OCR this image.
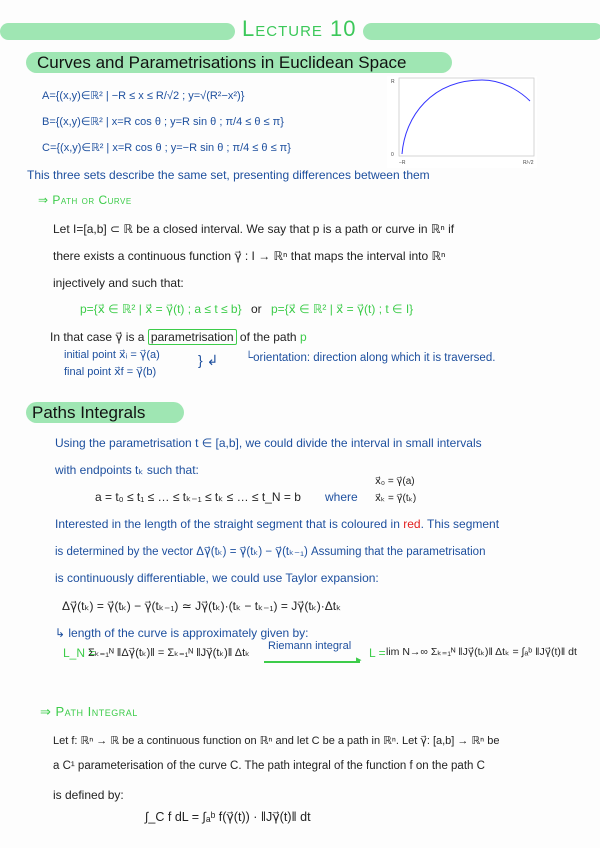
Lecture 10
Curves and Parametrisations in Euclidean Space
A={(x,y)∈ℝ² | −R ≤ x ≤ R/√2 ; y=√(R²−x²)}
B={(x,y)∈ℝ² | x=R cos θ ; y=R sin θ ; π/4 ≤ θ ≤ π}
C={(x,y)∈ℝ² | x=R cos θ ; y=−R sin θ ; π/4 ≤ θ ≤ π}
R
0
−R	R/√2
This three sets describe the same set, presenting differences between them
⇒ Path or Curve
Let I=[a,b] ⊂ ℝ be a closed interval. We say that p is a path or curve in ℝⁿ if
there exists a continuous function γ⃗ : I → ℝⁿ that maps the interval into ℝⁿ
injectively and such that:
p={x⃗ ∈ ℝ² | x⃗ = γ⃗(t) ; a ≤ t ≤ b} or p={x⃗ ∈ ℝ² | x⃗ = γ⃗(t) ; t ∈ I}
In that case γ⃗ is a parametrisation of the path p
initial point x⃗ᵢ = γ⃗(a)
final point x⃗f = γ⃗(b)
} ↲ └orientation: direction along which it is traversed.
Paths Integrals
Using the parametrisation t ∈ [a,b], we could divide the interval in small intervals
with endpoints tₖ such that:
a = t₀ ≤ t₁ ≤ … ≤ tₖ₋₁ ≤ tₖ ≤ … ≤ t_N = b where
x⃗₀ = γ⃗(a)
x⃗ₖ = γ⃗(tₖ)
Interested in the length of the straight segment that is coloured in red. This segment
is determined by the vector Δγ⃗(tₖ) = γ⃗(tₖ) − γ⃗(tₖ₋₁) Assuming that the parametrisation
is continuously differentiable, we could use Taylor expansion:
Δγ⃗(tₖ) = γ⃗(tₖ) − γ⃗(tₖ₋₁) ≃ Jγ⃗(tₖ)·(tₖ − tₖ₋₁) = Jγ⃗(tₖ)·Δtₖ
↳ length of the curve is approximately given by:
L_N =
Σₖ₌₁ᴺ ‖Δγ⃗(tₖ)‖ = Σₖ₌₁ᴺ ‖Jγ⃗(tₖ)‖ Δtₖ
Riemann integral
▸ L = lim N→∞ Σₖ₌₁ᴺ ‖Jγ⃗(tₖ)‖ Δtₖ = ∫ₐᵇ ‖Jγ⃗(t)‖ dt
⇒ Path Integral
Let f: ℝⁿ → ℝ be a continuous function on ℝⁿ and let C be a path in ℝⁿ. Let γ⃗: [a,b] → ℝⁿ be
a C¹ parameterisation of the curve C. The path integral of the function f on the path C
is defined by:
∫_C f dL = ∫ₐᵇ f(γ⃗(t)) · ‖Jγ⃗(t)‖ dt
